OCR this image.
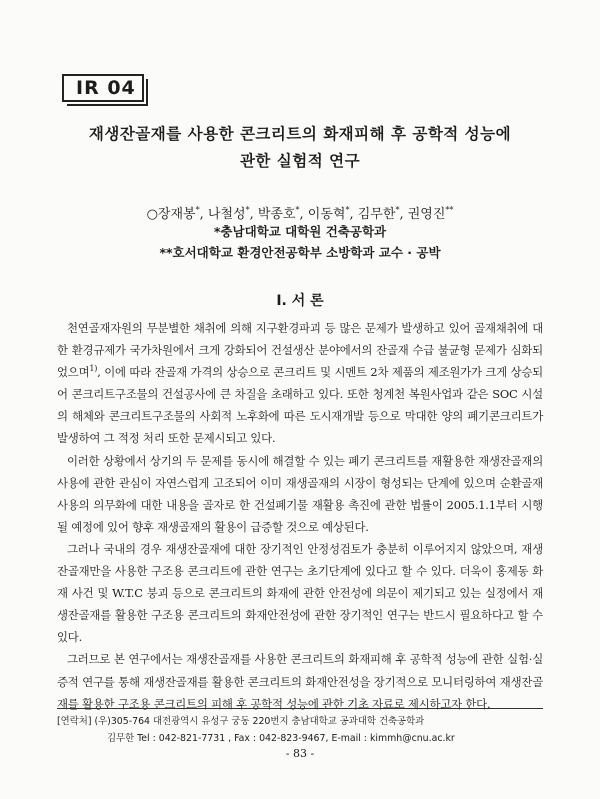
IR 04
재생잔골재를 사용한 콘크리트의 화재피해 후 공학적 성능에
관한 실험적 연구
○장재봉*, 나철성*, 박종호*, 이동혁*, 김무한*, 권영진**
*충남대학교 대학원 건축공학과
**호서대학교 환경안전공학부 소방학과 교수 · 공박
Ⅰ. 서 론

천연골재자원의 무분별한 채취에 의해 지구환경파괴 등 많은 문제가 발생하고 있어 골재채취에 대한 환경규제가 국가차원에서 크게 강화되어 건설생산 분야에서의 잔골재 수급 불균형 문제가 심화되었으며$^{1)}$, 이에 따라 잔골재 가격의 상승으로 콘크리트 및 시멘트 2차 제품의 제조원가가 크게 상승되어 콘크리트구조물의 건설공사에 큰 차질을 초래하고 있다. 또한 청계천 복원사업과 같은 SOC 시설의 해체와 콘크리트구조물의 사회적 노후화에 따른 도시재개발 등으로 막대한 양의 폐기콘크리트가 발생하여 그 적정 처리 또한 문제시되고 있다.

이러한 상황에서 상기의 두 문제를 동시에 해결할 수 있는 폐기 콘크리트를 재활용한 재생잔골재의 사용에 관한 관심이 자연스럽게 고조되어 이미 재생골재의 시장이 형성되는 단계에 있으며 순환골재 사용의 의무화에 대한 내용을 골자로 한 건설폐기물 재활용 촉진에 관한 법률이 2005.1.1부터 시행될 예정에 있어 향후 재생골재의 활용이 급증할 것으로 예상된다.

그러나 국내의 경우 재생잔골재에 대한 장기적인 안정성검토가 충분히 이루어지지 않았으며, 재생잔골재만을 사용한 구조용 콘크리트에 관한 연구는 초기단계에 있다고 할 수 있다. 더욱이 홍제동 화재 사건 및 W.T.C 붕괴 등으로 콘크리트의 화재에 관한 안전성에 의문이 제기되고 있는 실정에서 재생잔골재를 활용한 구조용 콘크리트의 화재안전성에 관한 장기적인 연구는 반드시 필요하다고 할 수 있다.

그러므로 본 연구에서는 재생잔골재를 사용한 콘크리트의 화재피해 후 공학적 성능에 관한 실험·실증적 연구를 통해 재생잔골재를 활용한 콘크리트의 화재안전성을 장기적으로 모니터링하여 재생잔골재를 활용한 구조용 콘크리트의 피해 후 공학적 성능에 관한 기초 자료로 제시하고자 한다.

[연락처] (우)305-764 대전광역시 유성구 궁동 220번지 충남대학교 공과대학 건축공학과
김무한 Tel : 042-821-7731 , Fax : 042-823-9467, E-mail : kimmh@cnu.ac.kr
- 83 -
